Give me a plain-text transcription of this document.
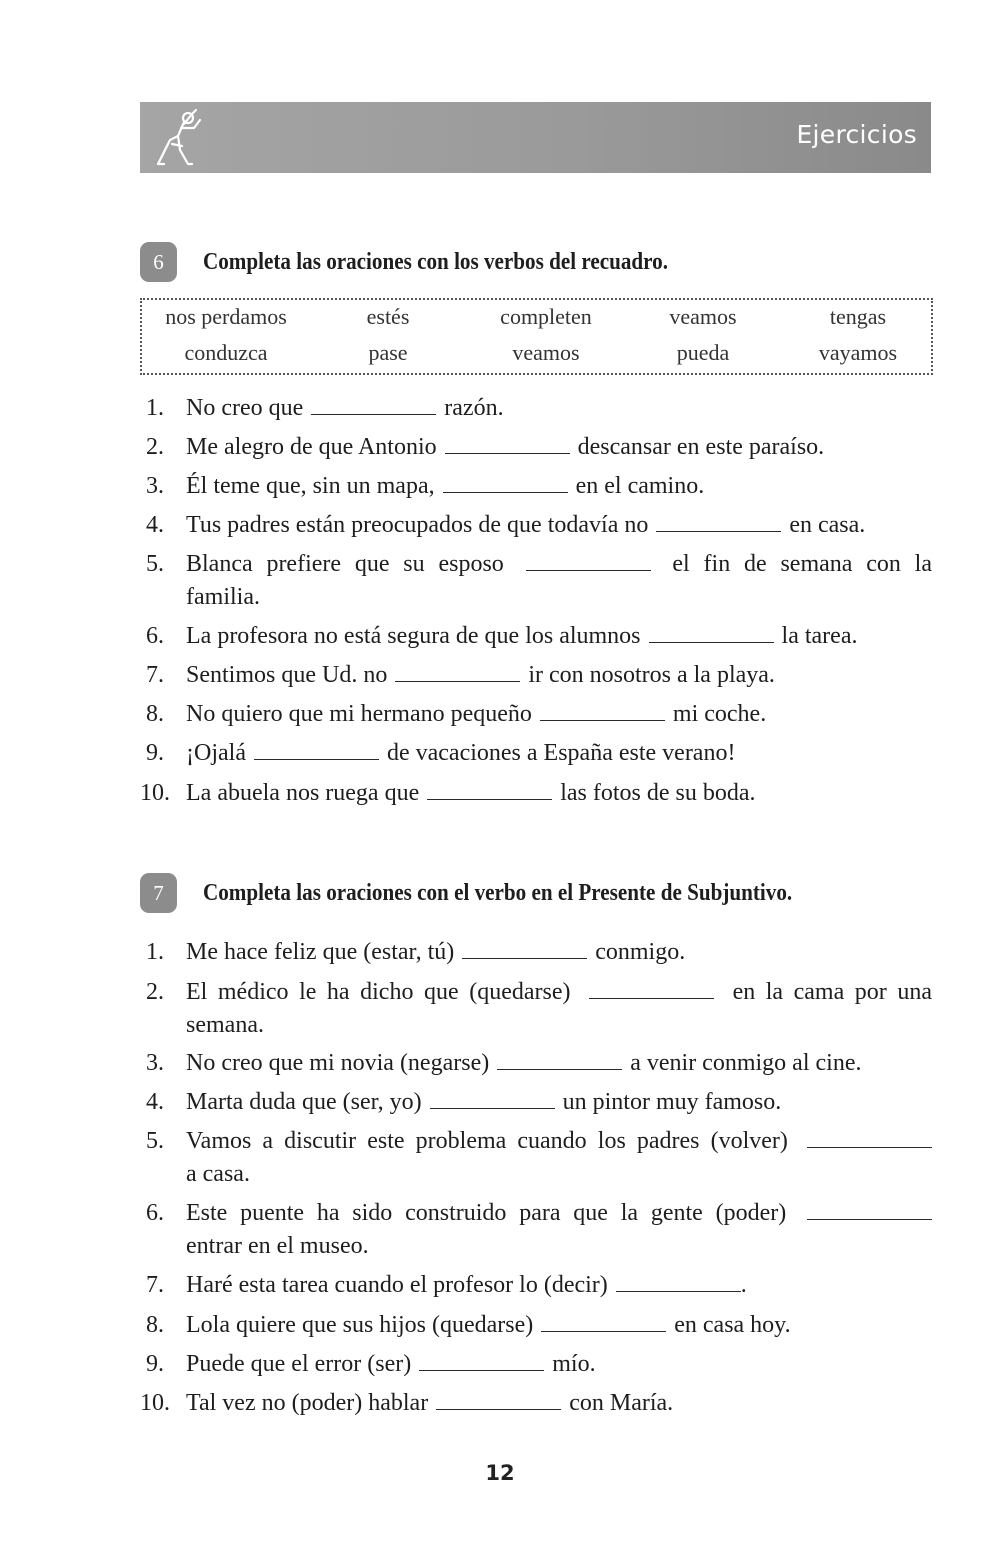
Ejercicios
6	Completa las oraciones con los verbos del recuadro.
nos perdamos	estés	completen	veamos	tengas
conduzca	pase	veamos	pueda	vayamos
1. No creo que	razón.
2. Me alegro de que Antonio	descansar en este paraíso.
3. Él teme que, sin un mapa,	en el camino.
4. Tus padres están preocupados de que todavía no	en casa.
5. Blanca prefiere que su esposo	el fin de semana con la
familia.
6. La profesora no está segura de que los alumnos	la tarea.
7. Sentimos que Ud. no	ir con nosotros a la playa.
8. No quiero que mi hermano pequeño	mi coche.
9. ¡Ojalá	de vacaciones a España este verano!
10. La abuela nos ruega que	las fotos de su boda.
7	Completa las oraciones con el verbo en el Presente de Subjuntivo.
1. Me hace feliz que (estar, tú)	conmigo.
2. El médico le ha dicho que (quedarse)	en la cama por una
semana.
3. No creo que mi novia (negarse)	a venir conmigo al cine.
4. Marta duda que (ser, yo)	un pintor muy famoso.
5. Vamos a discutir este problema cuando los padres (volver)
a casa.
6. Este puente ha sido construido para que la gente (poder)
entrar en el museo.
7. Haré esta tarea cuando el profesor lo (decir)	.
8. Lola quiere que sus hijos (quedarse)	en casa hoy.
9. Puede que el error (ser)	mío.
10. Tal vez no (poder) hablar	con María.
12
